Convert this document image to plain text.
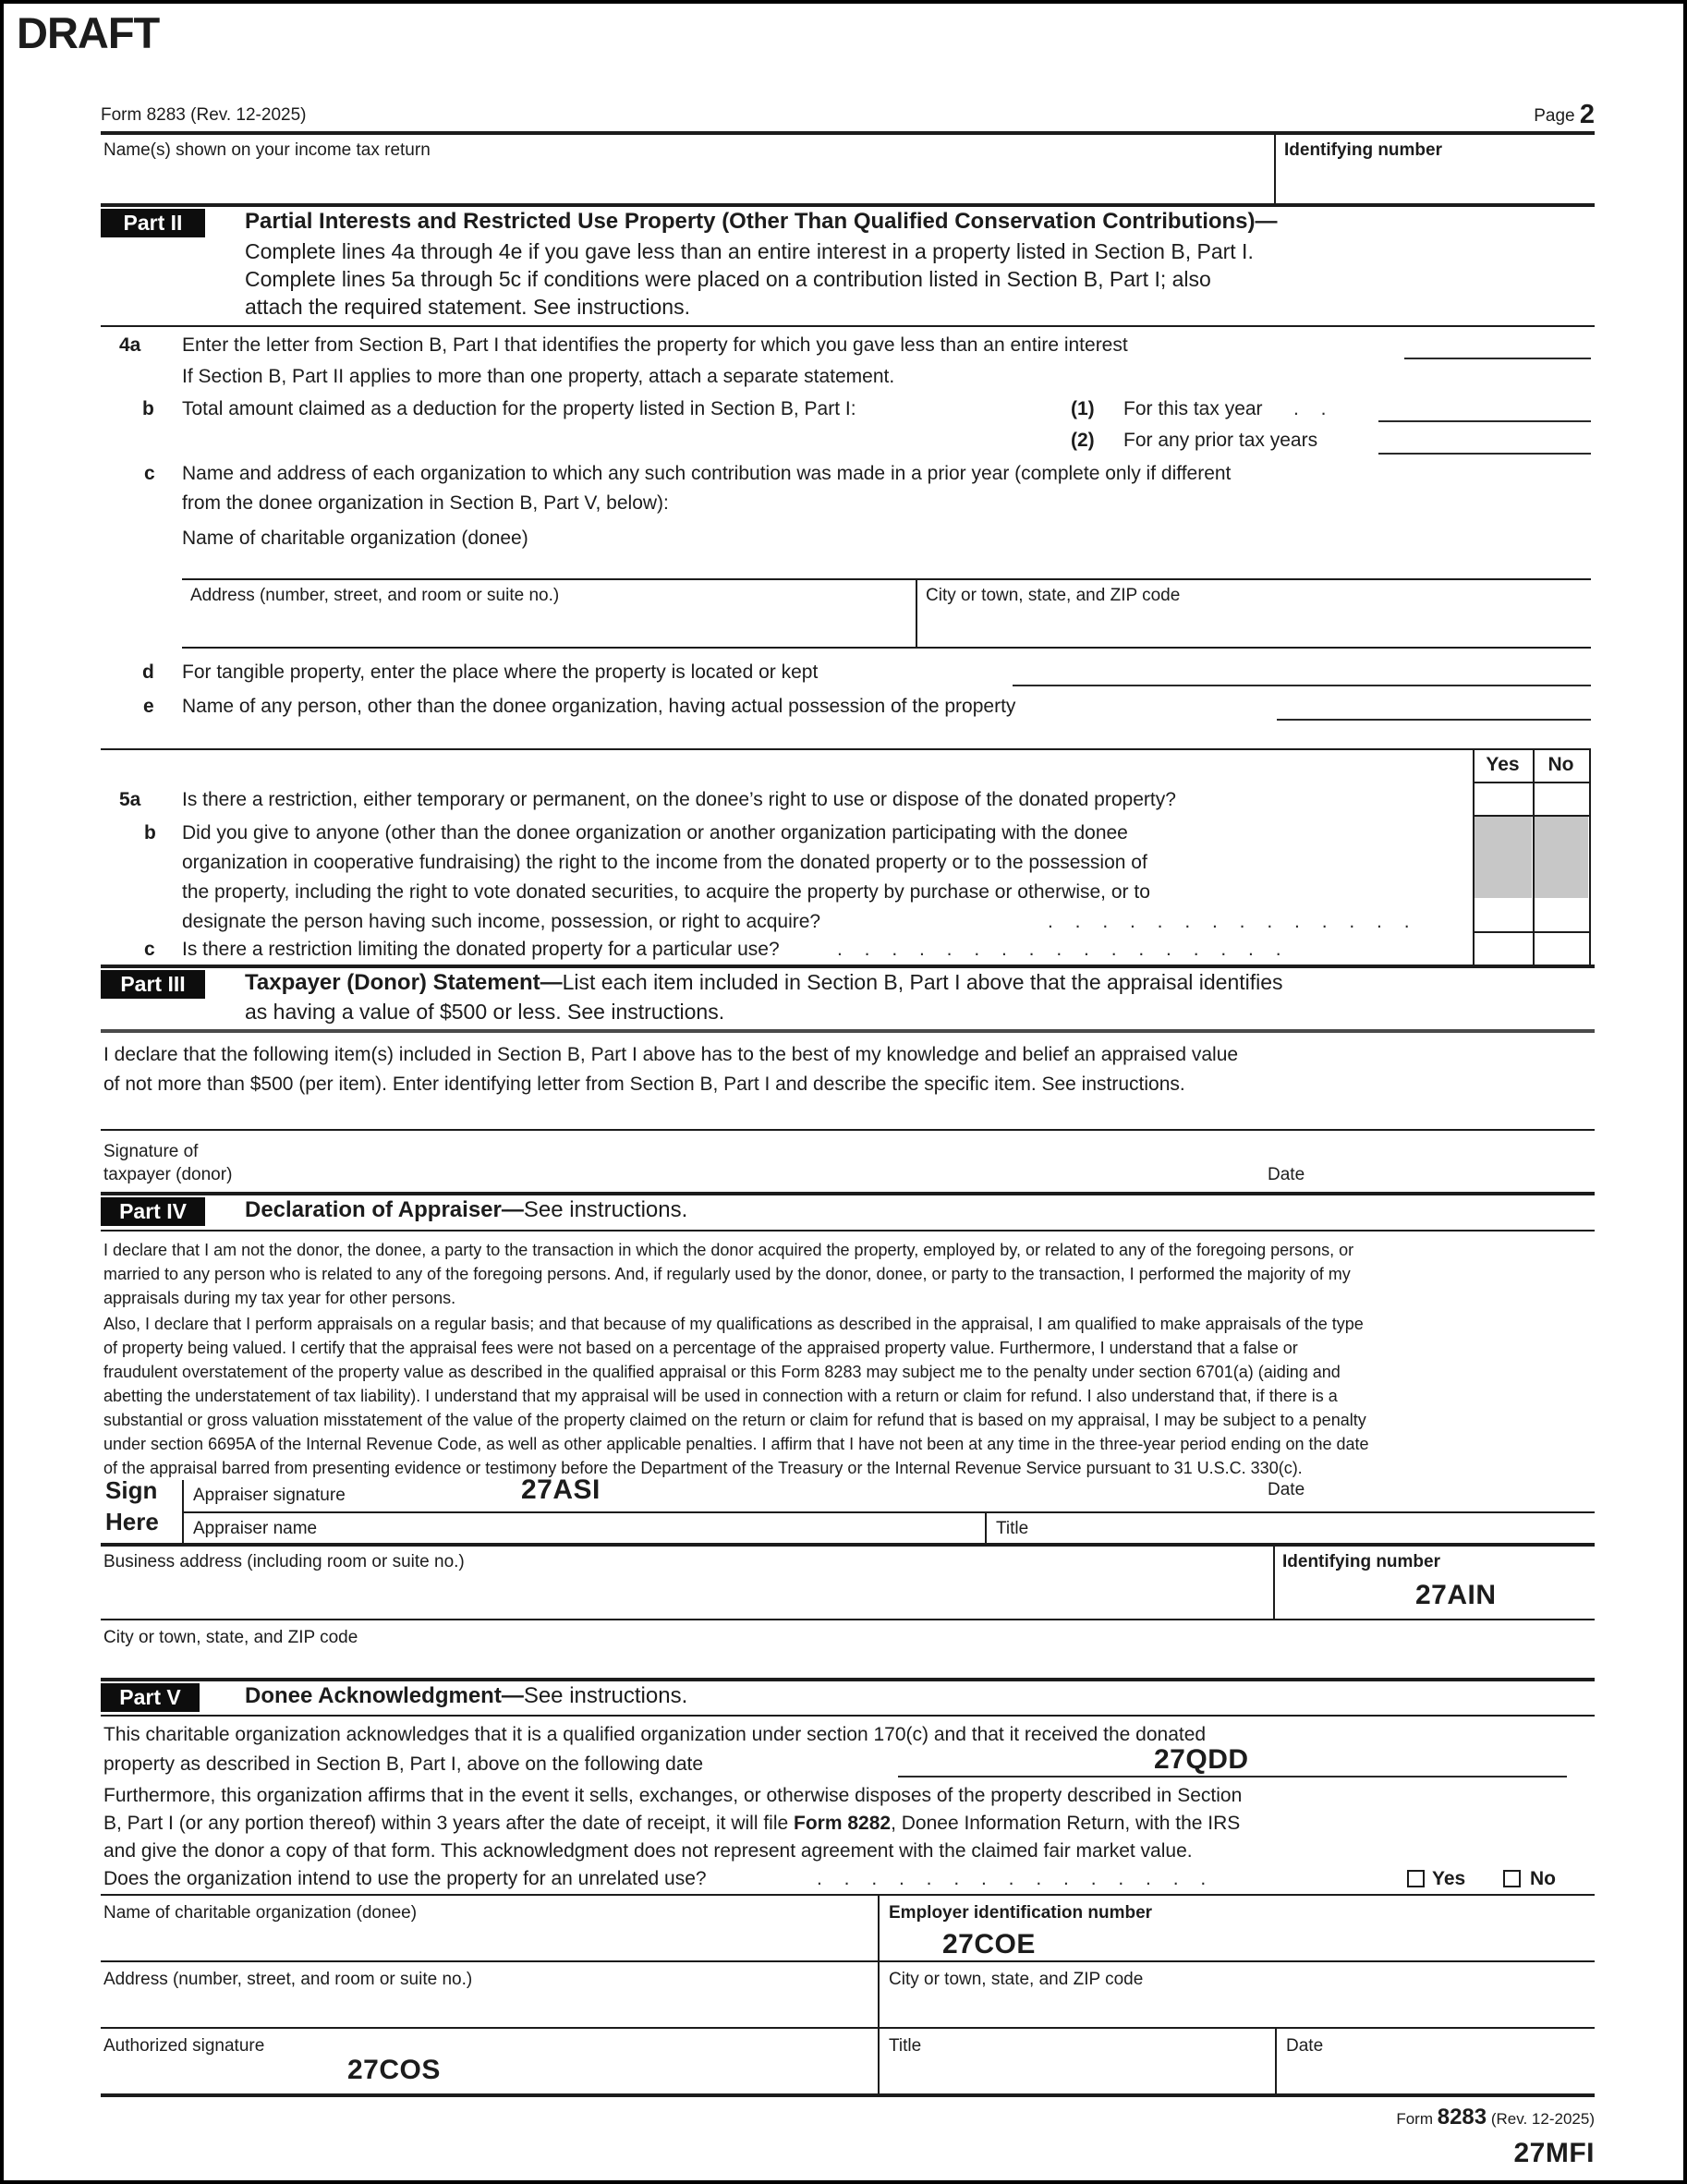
DRAFT
Form 8283 (Rev. 12-2025)	Page $^2$
Name(s) shown on your income tax return	Identifying number
Part II	Partial Interests and Restricted Use Property (Other Than Qualified Conservation Contributions)—
Complete lines 4a through 4e if you gave less than an entire interest in a property listed in Section B, Part I.
Complete lines 5a through 5c if conditions were placed on a contribution listed in Section B, Part I; also
attach the required statement. See instructions.
4a Enter the letter from Section B, Part I that identifies the property for which you gave less than an entire interest
If Section B, Part II applies to more than one property, attach a separate statement.
b Total amount claimed as a deduction for the property listed in Section B, Part I:	(1) For this tax year . .
(2) For any prior tax years
c Name and address of each organization to which any such contribution was made in a prior year (complete only if different
from the donee organization in Section B, Part V, below):
Name of charitable organization (donee)
Address (number, street, and room or suite no.)	City or town, state, and ZIP code
d For tangible property, enter the place where the property is located or kept
e Name of any person, other than the donee organization, having actual possession of the property
Yes	No
5a Is there a restriction, either temporary or permanent, on the donee’s right to use or dispose of the donated property?
b Did you give to anyone (other than the donee organization or another organization participating with the donee
organization in cooperative fundraising) the right to the income from the donated property or to the possession of
the property, including the right to vote donated securities, to acquire the property by purchase or otherwise, or to
designate the person having such income, possession, or right to acquire?	. . . . . . . . . . . . . .
c Is there a restriction limiting the donated property for a particular use?	. . . . . . . . . . . . . . . . .
Part III	Taxpayer (Donor) Statement—List each item included in Section B, Part I above that the appraisal identifies
as having a value of $500 or less. See instructions.
I declare that the following item(s) included in Section B, Part I above has to the best of my knowledge and belief an appraised value
of not more than $500 (per item). Enter identifying letter from Section B, Part I and describe the specific item. See instructions.
Signature of
taxpayer (donor)	Date
Part IV	Declaration of Appraiser—See instructions.
I declare that I am not the donor, the donee, a party to the transaction in which the donor acquired the property, employed by, or related to any of the foregoing persons, or
married to any person who is related to any of the foregoing persons. And, if regularly used by the donor, donee, or party to the transaction, I performed the majority of my
appraisals during my tax year for other persons.
Also, I declare that I perform appraisals on a regular basis; and that because of my qualifications as described in the appraisal, I am qualified to make appraisals of the type
of property being valued. I certify that the appraisal fees were not based on a percentage of the appraised property value. Furthermore, I understand that a false or
fraudulent overstatement of the property value as described in the qualified appraisal or this Form 8283 may subject me to the penalty under section 6701(a) (aiding and
abetting the understatement of tax liability). I understand that my appraisal will be used in connection with a return or claim for refund. I also understand that, if there is a
substantial or gross valuation misstatement of the value of the property claimed on the return or claim for refund that is based on my appraisal, I may be subject to a penalty
under section 6695A of the Internal Revenue Code, as well as other applicable penalties. I affirm that I have not been at any time in the three-year period ending on the date
of the appraisal barred from presenting evidence or testimony before the Department of the Treasury or the Internal Revenue Service pursuant to 31 U.S.C. 330(c).
Sign
Here
Appraiser signature	27ASI	Date
Appraiser name	Title
Business address (including room or suite no.)	Identifying number
27AIN
City or town, state, and ZIP code
Part V	Donee Acknowledgment—See instructions.
This charitable organization acknowledges that it is a qualified organization under section 170(c) and that it received the donated
property as described in Section B, Part I, above on the following date	27QDD
Furthermore, this organization affirms that in the event it sells, exchanges, or otherwise disposes of the property described in Section
B, Part I (or any portion thereof) within 3 years after the date of receipt, it will file Form 8282, Donee Information Return, with the IRS
and give the donor a copy of that form. This acknowledgment does not represent agreement with the claimed fair market value.
Does the organization intend to use the property for an unrelated use?	. . . . . . . . . . . . . . .	Yes	No
Name of charitable organization (donee)	Employer identification number
27COE
Address (number, street, and room or suite no.)	City or town, state, and ZIP code
Authorized signature
27COS
Title	Date
Form 8283 (Rev. 12-2025)
27MFI
